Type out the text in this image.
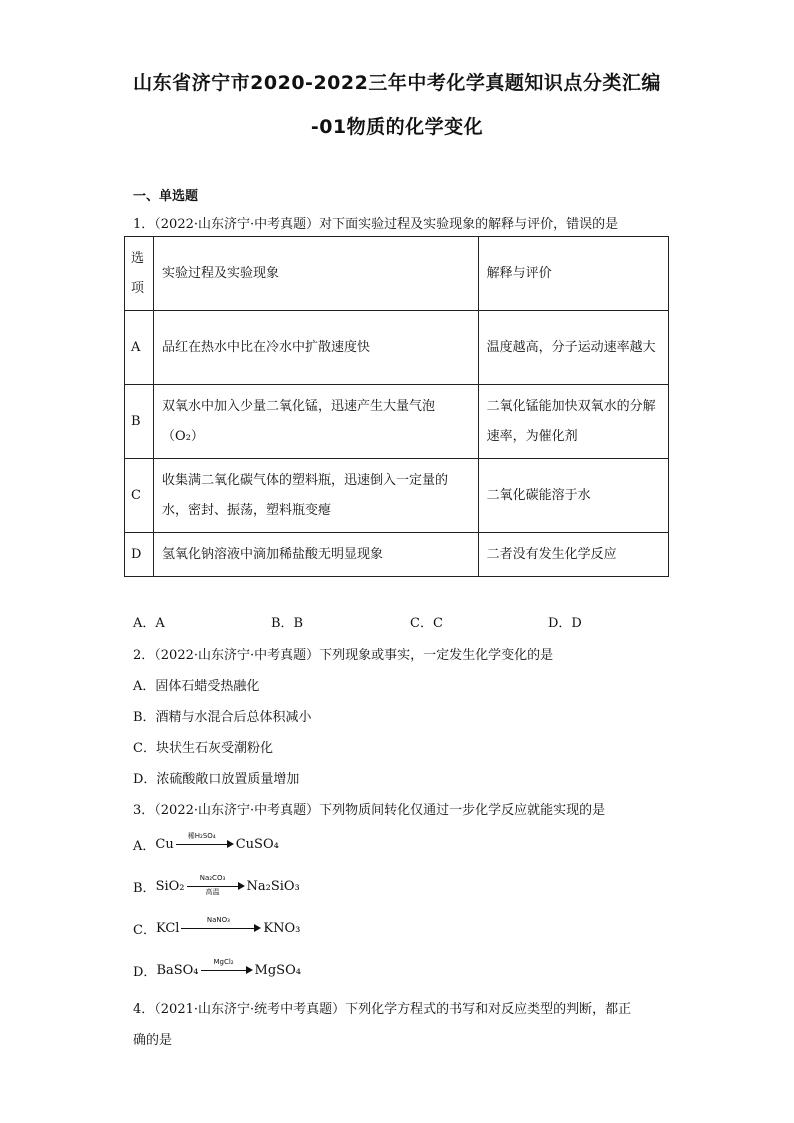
山东省济宁市2020-2022三年中考化学真题知识点分类汇编
-01物质的化学变化
一、单选题
1．（2022·山东济宁·中考真题）对下面实验过程及实验现象的解释与评价，错误的是
选项	实验过程及实验现象	解释与评价
A	品红在热水中比在冷水中扩散速度快	温度越高，分子运动速率越大
B	双氧水中加入少量二氧化锰，迅速产生大量气泡（O₂）	二氧化锰能加快双氧水的分解速率，为催化剂
C	收集满二氧化碳气体的塑料瓶，迅速倒入一定量的水，密封、振荡，塑料瓶变瘪	二氧化碳能溶于水
D	氢氧化钠溶液中滴加稀盐酸无明显现象	二者没有发生化学反应
A．A	B．B	C．C	D．D
2．（2022·山东济宁·中考真题）下列现象或事实，一定发生化学变化的是
A．固体石蜡受热融化
B．酒精与水混合后总体积减小
C．块状生石灰受潮粉化
D．浓硫酸敞口放置质量增加
3．（2022·山东济宁·中考真题）下列物质间转化仅通过一步化学反应就能实现的是
A． Cu
稀H₂SO₄
CuSO₄
B． SiO₂
Na₂CO₃
高温	Na₂SiO₃
C． KCl
NaNO₃
KNO₃
D． BaSO₄
MgCl₂
MgSO₄
4．（2021·山东济宁·统考中考真题）下列化学方程式的书写和对反应类型的判断，都正
确的是
